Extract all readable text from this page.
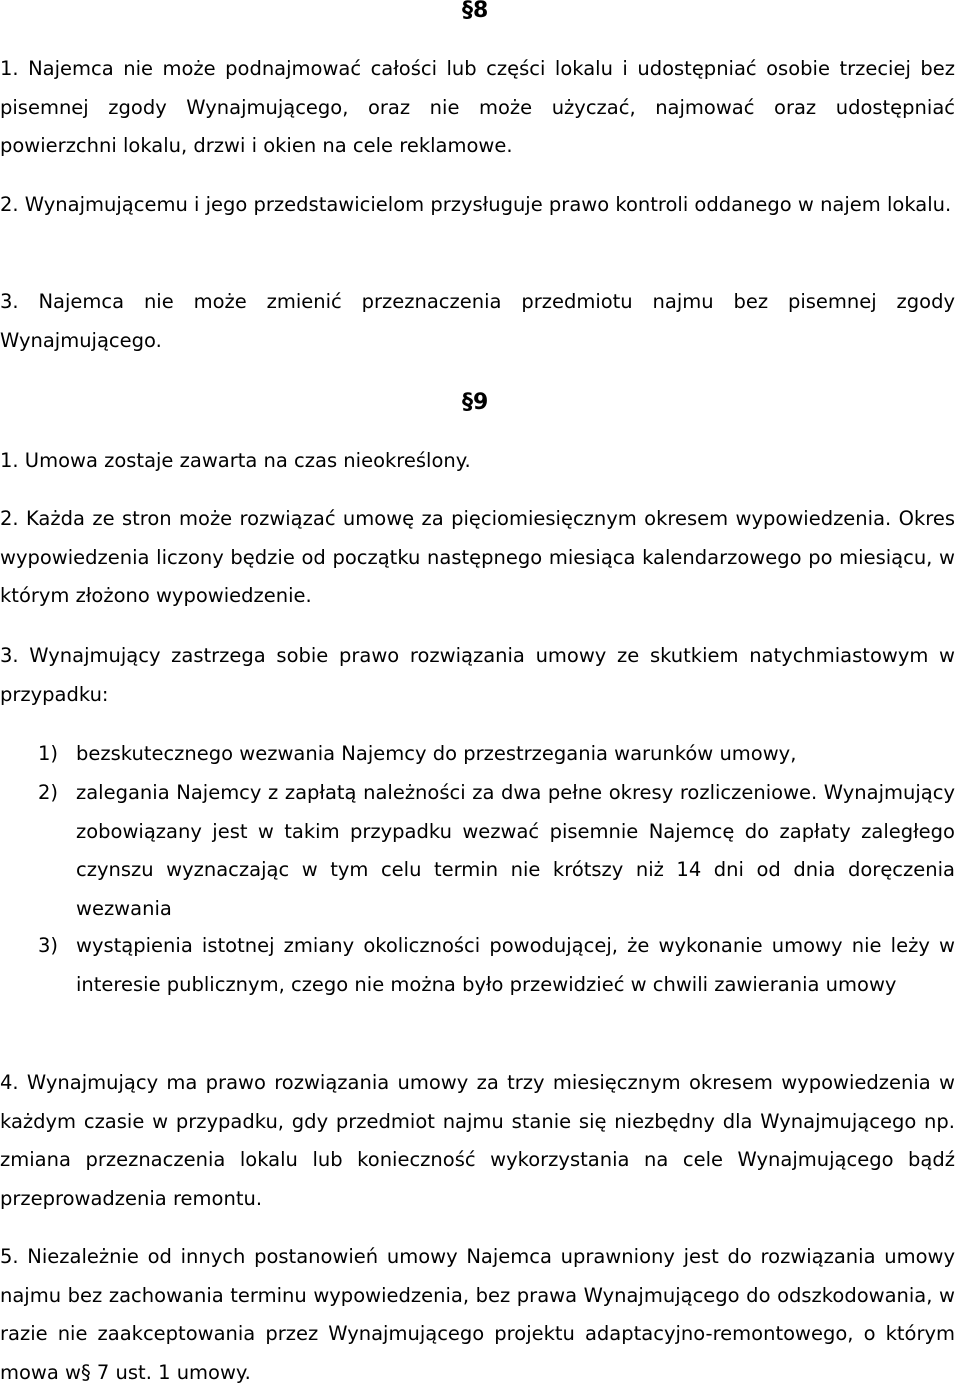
§8
1. Najemca nie może podnajmować całości lub części lokalu i udostępniać osobie trzeciej bez pisemnej zgody Wynajmującego, oraz nie może użyczać, najmować oraz udostępniać powierzchni lokalu, drzwi i okien na cele reklamowe.
2. Wynajmującemu i jego przedstawicielom przysługuje prawo kontroli oddanego w najem lokalu.
3. Najemca nie może zmienić przeznaczenia przedmiotu najmu bez pisemnej zgody Wynajmującego.
§9
1. Umowa zostaje zawarta na czas nieokreślony.
2. Każda ze stron może rozwiązać umowę za pięciomiesięcznym okresem wypowiedzenia. Okres wypowiedzenia liczony będzie od początku następnego miesiąca kalendarzowego po miesiącu, w którym złożono wypowiedzenie.
3. Wynajmujący zastrzega sobie prawo rozwiązania umowy ze skutkiem natychmiastowym w przypadku:
1) bezskutecznego wezwania Najemcy do przestrzegania warunków umowy,
2) zalegania Najemcy z zapłatą należności za dwa pełne okresy rozliczeniowe. Wynajmujący zobowiązany jest w takim przypadku wezwać pisemnie Najemcę do zapłaty zaległego czynszu wyznaczając w tym celu termin nie krótszy niż 14 dni od dnia doręczenia wezwania
3) wystąpienia istotnej zmiany okoliczności powodującej, że wykonanie umowy nie leży w interesie publicznym, czego nie można było przewidzieć w chwili zawierania umowy
4. Wynajmujący ma prawo rozwiązania umowy za trzy miesięcznym okresem wypowiedzenia w każdym czasie w przypadku, gdy przedmiot najmu stanie się niezbędny dla Wynajmującego np. zmiana przeznaczenia lokalu lub konieczność wykorzystania na cele Wynajmującego bądź przeprowadzenia remontu.
5. Niezależnie od innych postanowień umowy Najemca uprawniony jest do rozwiązania umowy najmu bez zachowania terminu wypowiedzenia, bez prawa Wynajmującego do odszkodowania, w razie nie zaakceptowania przez Wynajmującego projektu adaptacyjno-remontowego, o którym mowa w§ 7 ust. 1 umowy.
